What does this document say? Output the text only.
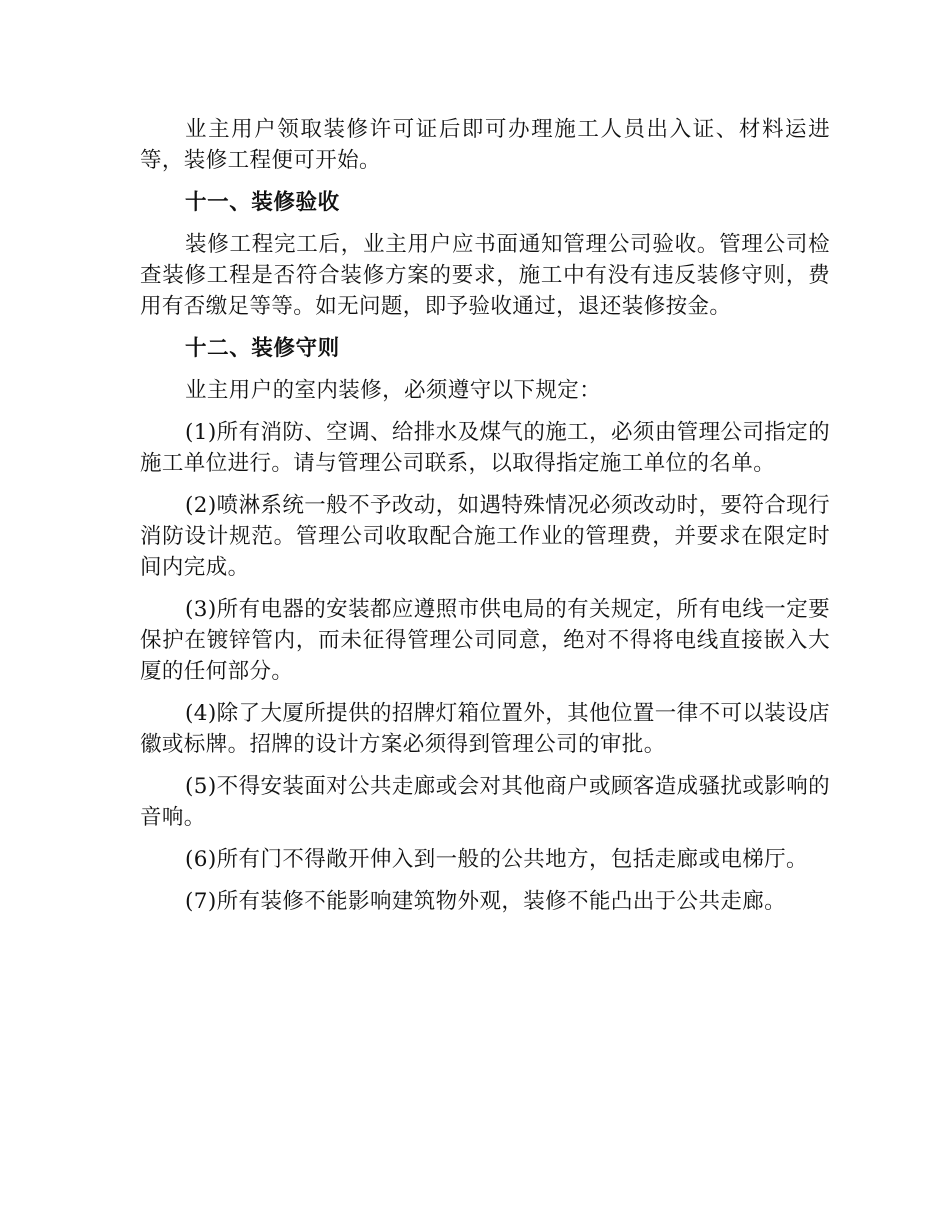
业主用户领取装修许可证后即可办理施工人员出入证、材料运进等，装修工程便可开始。

十一、装修验收

装修工程完工后，业主用户应书面通知管理公司验收。管理公司检查装修工程是否符合装修方案的要求，施工中有没有违反装修守则，费用有否缴足等等。如无问题，即予验收通过，退还装修按金。

十二、装修守则

业主用户的室内装修，必须遵守以下规定：

(1)所有消防、空调、给排水及煤气的施工，必须由管理公司指定的施工单位进行。请与管理公司联系，以取得指定施工单位的名单。

(2)喷淋系统一般不予改动，如遇特殊情况必须改动时，要符合现行消防设计规范。管理公司收取配合施工作业的管理费，并要求在限定时间内完成。

(3)所有电器的安装都应遵照市供电局的有关规定，所有电线一定要保护在镀锌管内，而未征得管理公司同意，绝对不得将电线直接嵌入大厦的任何部分。

(4)除了大厦所提供的招牌灯箱位置外，其他位置一律不可以装设店徽或标牌。招牌的设计方案必须得到管理公司的审批。

(5)不得安装面对公共走廊或会对其他商户或顾客造成骚扰或影响的音响。

(6)所有门不得敞开伸入到一般的公共地方，包括走廊或电梯厅。

(7)所有装修不能影响建筑物外观，装修不能凸出于公共走廊。
